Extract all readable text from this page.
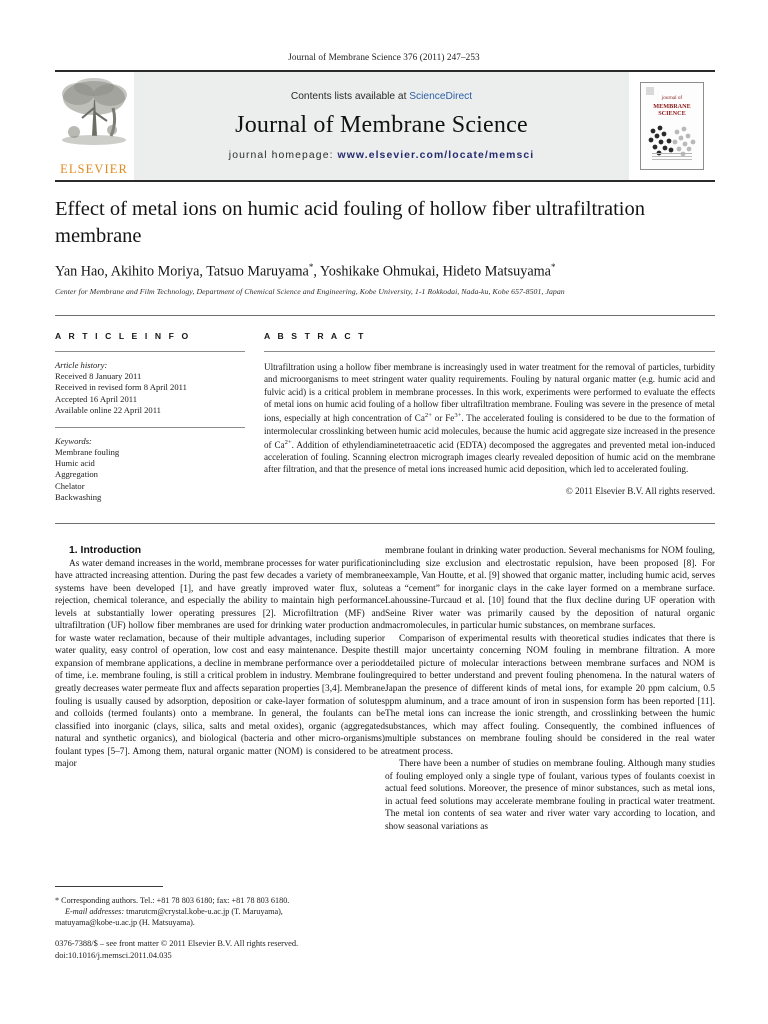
Journal of Membrane Science 376 (2011) 247–253
ELSEVIER
Contents lists available at ScienceDirect
Journal of Membrane Science
journal homepage: www.elsevier.com/locate/memsci
journal of
MEMBRANE
SCIENCE
Effect of metal ions on humic acid fouling of hollow fiber ultrafiltration membrane
Yan Hao, Akihito Moriya, Tatsuo Maruyama*, Yoshikake Ohmukai, Hideto Matsuyama*
Center for Membrane and Film Technology, Department of Chemical Science and Engineering, Kobe University, 1-1 Rokkodai, Nada-ku, Kobe 657-8501, Japan
A R T I C L E I N F O
Article history:
Received 8 January 2011
Received in revised form 8 April 2011
Accepted 16 April 2011
Available online 22 April 2011
Keywords:
Membrane fouling
Humic acid
Aggregation
Chelator
Backwashing
A B S T R A C T
Ultrafiltration using a hollow fiber membrane is increasingly used in water treatment for the removal of particles, turbidity and microorganisms to meet stringent water quality requirements. Fouling by natural organic matter (e.g. humic acid and fulvic acid) is a critical problem in membrane processes. In this work, experiments were performed to evaluate the effects of metal ions on humic acid fouling of a hollow fiber ultrafiltration membrane. Fouling was severe in the presence of metal ions, especially at high concentration of $Ca^{2+}$ or $Fe^{3+}$. The accelerated fouling is considered to be due to the formation of intermolecular crosslinking between humic acid molecules, because the humic acid aggregate size increased in the presence of $Ca^{2+}$. Addition of ethylendiaminetetraacetic acid (EDTA) decomposed the aggregates and prevented metal ion-induced acceleration of fouling. Scanning electron micrograph images clearly revealed deposition of humic acid on the membrane after filtration, and that the presence of metal ions increased humic acid deposition, which led to accelerated fouling.
© 2011 Elsevier B.V. All rights reserved.

1. Introduction

As water demand increases in the world, membrane processes for water purification have attracted increasing attention. During the past few decades a variety of membrane systems have been developed [1], and have greatly improved water flux, solute rejection, chemical tolerance, and especially the ability to maintain high performance levels at substantially lower operating pressures [2]. Microfiltration (MF) and ultrafiltration (UF) hollow fiber membranes are used for drinking water production and for waste water reclamation, because of their multiple advantages, including superior water quality, easy control of operation, low cost and easy maintenance. Despite the expansion of membrane applications, a decline in membrane performance over a period of time, i.e. membrane fouling, is still a critical problem in industry. Membrane fouling greatly decreases water permeate flux and affects separation properties [3,4]. Membrane fouling is usually caused by adsorption, deposition or cake-layer formation of solutes and colloids (termed foulants) onto a membrane. In general, the foulants can be classified into inorganic (clays, silica, salts and metal oxides), organic (aggregated natural and synthetic organics), and biological (bacteria and other micro-organisms) foulant types [5–7]. Among them, natural organic matter (NOM) is considered to be a major

membrane foulant in drinking water production. Several mechanisms for NOM fouling, including size exclusion and electrostatic repulsion, have been proposed [8]. For example, Van Houtte, et al. [9] showed that organic matter, including humic acid, serves as a “cement” for inorganic clays in the cake layer formed on a membrane surface. Lahoussine-Turcaud et al. [10] found that the flux decline during UF operation with Seine River water was primarily caused by the deposition of natural organic macromolecules, in particular humic substances, on membrane surfaces.

Comparison of experimental results with theoretical studies indicates that there is still major uncertainty concerning NOM fouling in membrane filtration. A more detailed picture of molecular interactions between membrane surfaces and NOM is required to better understand and prevent fouling phenomena. In the natural waters of Japan the presence of different kinds of metal ions, for example 20 ppm calcium, 0.5 ppm aluminum, and a trace amount of iron in suspension form has been reported [11]. The metal ions can increase the ionic strength, and crosslinking between the humic substances, which may affect fouling. Consequently, the combined influences of multiple substances on membrane fouling should be considered in the real water treatment process.

There have been a number of studies on membrane fouling. Although many studies of fouling employed only a single type of foulant, various types of foulants coexist in actual feed solutions. Moreover, the presence of minor substances, such as metal ions, in actual feed solutions may accelerate membrane fouling in practical water treatment. The metal ion contents of sea water and river water vary according to location, and show seasonal variations as

* Corresponding authors. Tel.: +81 78 803 6180; fax: +81 78 803 6180.
E-mail addresses: tmarutcm@crystal.kobe-u.ac.jp (T. Maruyama),
matuyama@kobe-u.ac.jp (H. Matsuyama).
0376-7388/$ – see front matter © 2011 Elsevier B.V. All rights reserved.
doi:10.1016/j.memsci.2011.04.035
